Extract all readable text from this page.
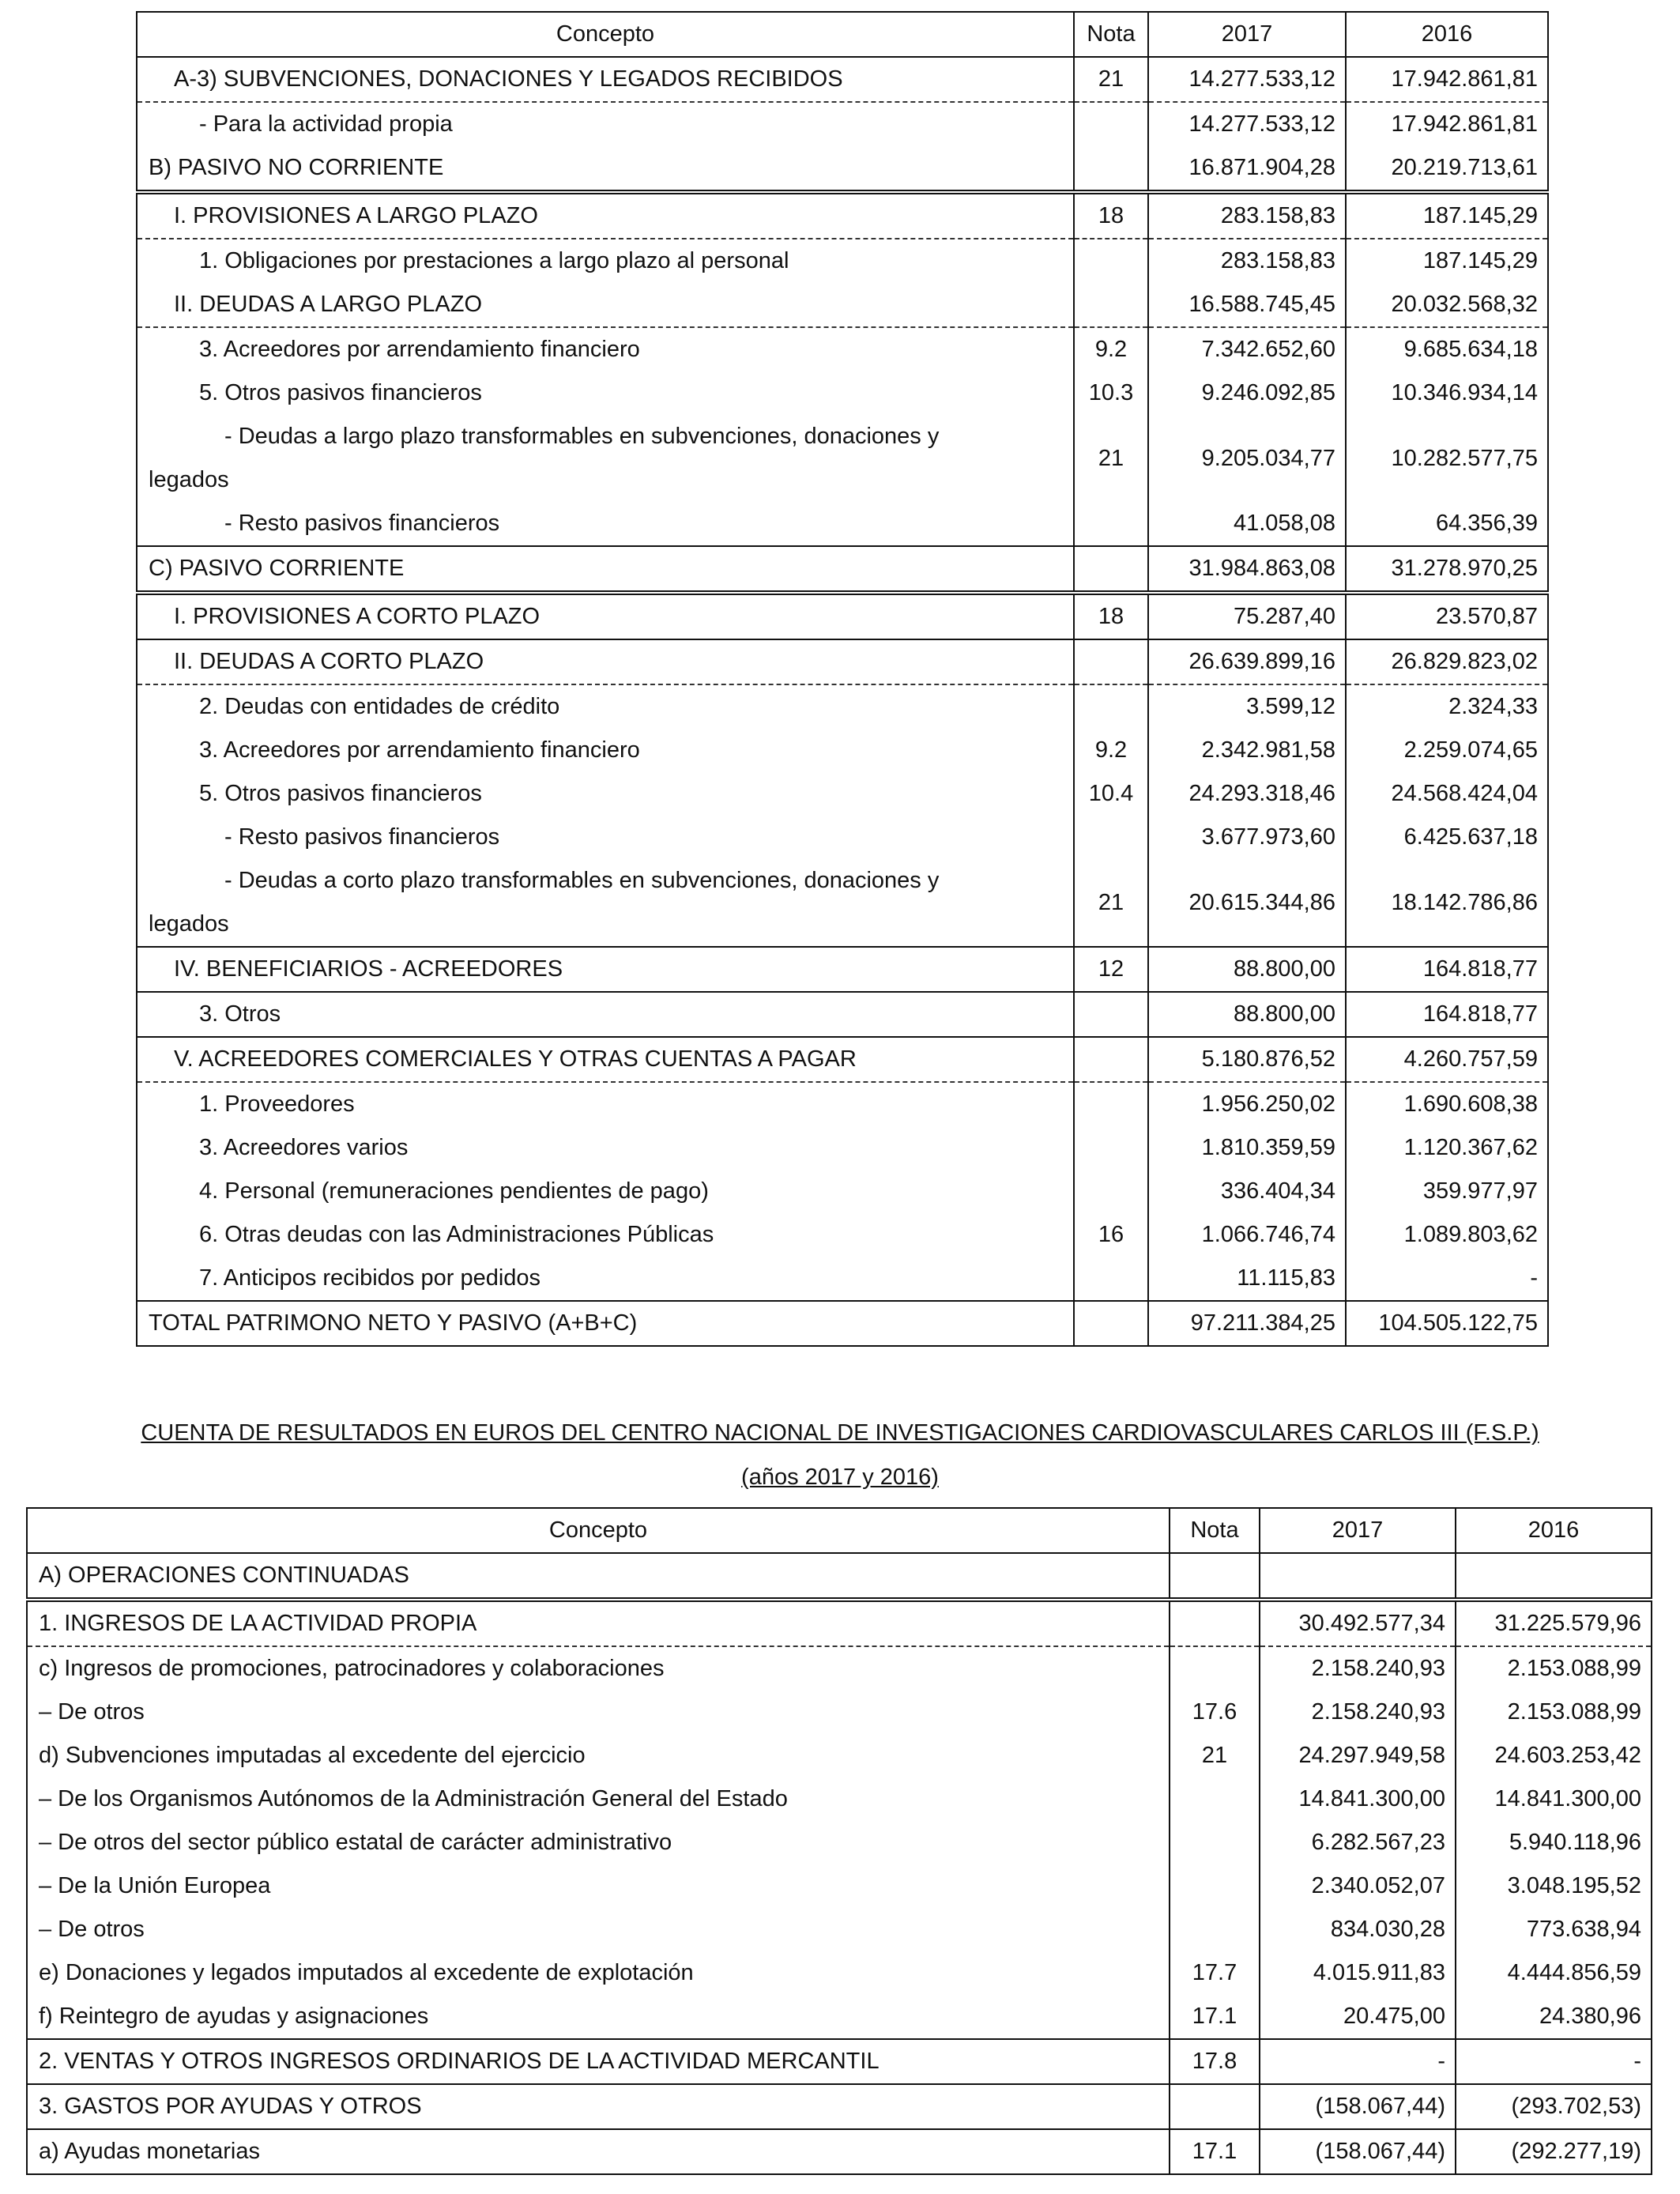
Concepto	Nota	2017	2016
A-3) SUBVENCIONES, DONACIONES Y LEGADOS RECIBIDOS	21	14.277.533,12	17.942.861,81
- Para la actividad propia		14.277.533,12	17.942.861,81
B) PASIVO NO CORRIENTE		16.871.904,28	20.219.713,61
I. PROVISIONES A LARGO PLAZO	18	283.158,83	187.145,29
1. Obligaciones por prestaciones a largo plazo al personal		283.158,83	187.145,29
II. DEUDAS A LARGO PLAZO		16.588.745,45	20.032.568,32
3. Acreedores por arrendamiento financiero	9.2	7.342.652,60	9.685.634,18
5. Otros pasivos financieros	10.3	9.246.092,85	10.346.934,14
- Deudas a largo plazo transformables en subvenciones, donaciones y
legados	21	9.205.034,77	10.282.577,75
- Resto pasivos financieros		41.058,08	64.356,39
C) PASIVO CORRIENTE		31.984.863,08	31.278.970,25
I. PROVISIONES A CORTO PLAZO	18	75.287,40	23.570,87
II. DEUDAS A CORTO PLAZO		26.639.899,16	26.829.823,02
2. Deudas con entidades de crédito		3.599,12	2.324,33
3. Acreedores por arrendamiento financiero	9.2	2.342.981,58	2.259.074,65
5. Otros pasivos financieros	10.4	24.293.318,46	24.568.424,04
- Resto pasivos financieros		3.677.973,60	6.425.637,18
- Deudas a corto plazo transformables en subvenciones, donaciones y
legados	21	20.615.344,86	18.142.786,86
IV. BENEFICIARIOS - ACREEDORES	12	88.800,00	164.818,77
3. Otros		88.800,00	164.818,77
V. ACREEDORES COMERCIALES Y OTRAS CUENTAS A PAGAR		5.180.876,52	4.260.757,59
1. Proveedores		1.956.250,02	1.690.608,38
3. Acreedores varios		1.810.359,59	1.120.367,62
4. Personal (remuneraciones pendientes de pago)		336.404,34	359.977,97
6. Otras deudas con las Administraciones Públicas	16	1.066.746,74	1.089.803,62
7. Anticipos recibidos por pedidos		11.115,83	-
TOTAL PATRIMONO NETO Y PASIVO (A+B+C)		97.211.384,25	104.505.122,75
CUENTA DE RESULTADOS EN EUROS DEL CENTRO NACIONAL DE INVESTIGACIONES CARDIOVASCULARES CARLOS III (F.S.P.)
(años 2017 y 2016)
Concepto	Nota	2017	2016
A) OPERACIONES CONTINUADAS			
1. INGRESOS DE LA ACTIVIDAD PROPIA		30.492.577,34	31.225.579,96
c) Ingresos de promociones, patrocinadores y colaboraciones		2.158.240,93	2.153.088,99
– De otros	17.6	2.158.240,93	2.153.088,99
d) Subvenciones imputadas al excedente del ejercicio	21	24.297.949,58	24.603.253,42
– De los Organismos Autónomos de la Administración General del Estado		14.841.300,00	14.841.300,00
– De otros del sector público estatal de carácter administrativo		6.282.567,23	5.940.118,96
– De la Unión Europea		2.340.052,07	3.048.195,52
– De otros		834.030,28	773.638,94
e) Donaciones y legados imputados al excedente de explotación	17.7	4.015.911,83	4.444.856,59
f) Reintegro de ayudas y asignaciones	17.1	20.475,00	24.380,96
2. VENTAS Y OTROS INGRESOS ORDINARIOS DE LA ACTIVIDAD MERCANTIL	17.8	-	-
3. GASTOS POR AYUDAS Y OTROS		(158.067,44)	(293.702,53)
a) Ayudas monetarias	17.1	(158.067,44)	(292.277,19)
